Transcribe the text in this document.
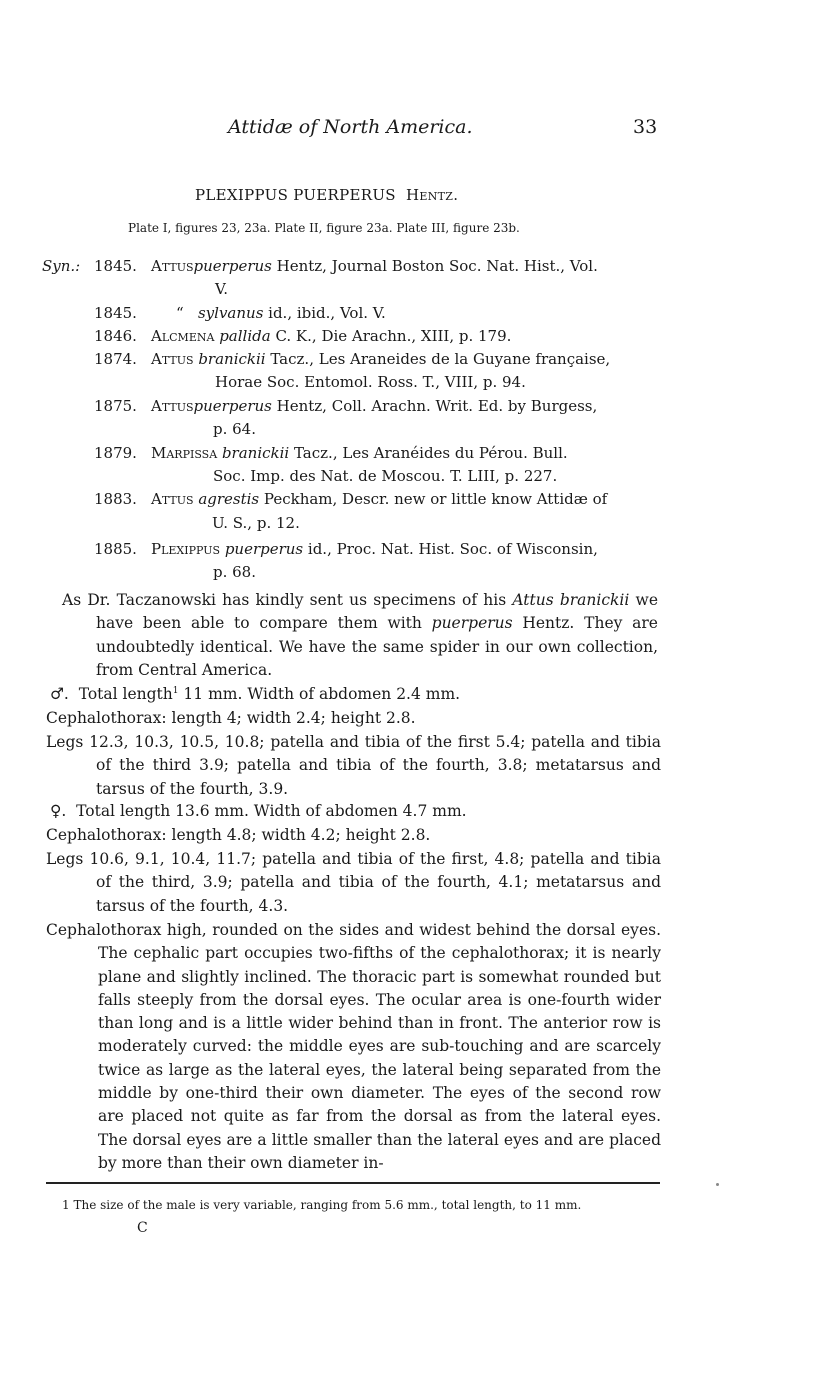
Attidæ of North America.	33
PLEXIPPUS PUERPERUS Hentz.
Plate I, figures 23, 23a. Plate II, figure 23a. Plate III, figure 23b.
Syn.: 1845. Attuspuerperus Hentz, Journal Boston Soc. Nat. Hist., Vol.
V.
1845.	“ sylvanus id., ibid., Vol. V.
1846. Alcmena pallida C. K., Die Arachn., XIII, p. 179.
1874. Attus branickii Tacz., Les Araneides de la Guyane française,
Horae Soc. Entomol. Ross. T., VIII, p. 94.
1875. Attuspuerperus Hentz, Coll. Arachn. Writ. Ed. by Burgess,
p. 64.
1879. Marpissa branickii Tacz., Les Aranéides du Pérou. Bull.
Soc. Imp. des Nat. de Moscou. T. LIII, p. 227.
1883. Attus agrestis Peckham, Descr. new or little know Attidæ of
U. S., p. 12.
1885. Plexippus puerperus id., Proc. Nat. Hist. Soc. of Wisconsin,
p. 68.
As Dr. Taczanowski has kindly sent us specimens of his Attus branickii we have been able to compare them with puerperus Hentz. They are undoubtedly identical. We have the same spider in our own collection, from Central America.
♂. Total length$^1$ 11 mm. Width of abdomen 2.4 mm.
Cephalothorax: length 4; width 2.4; height 2.8.
Legs 12.3, 10.3, 10.5, 10.8; patella and tibia of the first 5.4; patella and tibia of the third 3.9; patella and tibia of the fourth, 3.8; metatarsus and tarsus of the fourth, 3.9.
♀. Total length 13.6 mm. Width of abdomen 4.7 mm.
Cephalothorax: length 4.8; width 4.2; height 2.8.
Legs 10.6, 9.1, 10.4, 11.7; patella and tibia of the first, 4.8; patella and tibia of the third, 3.9; patella and tibia of the fourth, 4.1; metatarsus and tarsus of the fourth, 4.3.
Cephalothorax high, rounded on the sides and widest behind the dorsal eyes. The cephalic part occupies two-fifths of the cephalothorax; it is nearly plane and slightly inclined. The thoracic part is somewhat rounded but falls steeply from the dorsal eyes. The ocular area is one-fourth wider than long and is a little wider behind than in front. The anterior row is moderately curved: the middle eyes are sub-touching and are scarcely twice as large as the lateral eyes, the lateral being separated from the middle by one-third their own diameter. The eyes of the second row are placed not quite as far from the dorsal as from the lateral eyes. The dorsal eyes are a little smaller than the lateral eyes and are placed by more than their own diameter in-
1 The size of the male is very variable, ranging from 5.6 mm., total length, to 11 mm.
C
